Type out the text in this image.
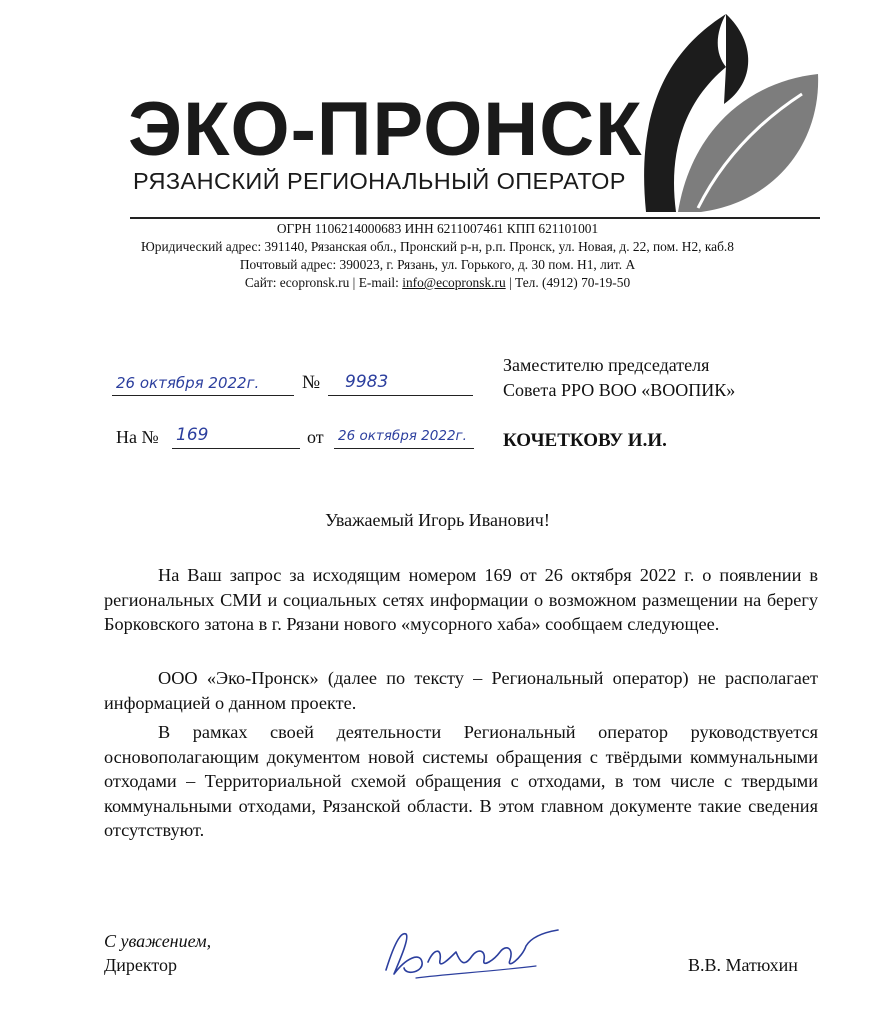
ЭКО-ПРОНСК
РЯЗАНСКИЙ РЕГИОНАЛЬНЫЙ ОПЕРАТОР
ОГРН 1106214000683 ИНН 6211007461 КПП 621101001
Юридический адрес: 391140, Рязанская обл., Пронский р-н, р.п. Пронск, ул. Новая, д. 22, пом. Н2, каб.8
Почтовый адрес: 390023, г. Рязань, ул. Горького, д. 30 пом. Н1, лит. А
Сайт: ecopronsk.ru | E-mail: info@ecopronsk.ru | Тел. (4912) 70-19-50
26 октября 2022г. № 9983
На № 169	от 26 октября 2022г.
Заместителю председателя
Совета РРО ВОО «ВООПИК»
КОЧЕТКОВУ И.И.
Уважаемый Игорь Иванович!

На Ваш запрос за исходящим номером 169 от 26 октября 2022 г. о появлении в региональных СМИ и социальных сетях информации о возможном размещении на берегу Борковского затона в г. Рязани нового «мусорного хаба» сообщаем следующее.

ООО «Эко-Пронск» (далее по тексту – Региональный оператор) не располагает информацией о данном проекте.

В рамках своей деятельности Региональный оператор руководствуется основополагающим документом новой системы обращения с твёрдыми коммунальными отходами – Территориальной схемой обращения с отходами, в том числе с твердыми коммунальными отходами, Рязанской области. В этом главном документе такие сведения отсутствуют.

С уважением,
Директор	В.В. Матюхин
